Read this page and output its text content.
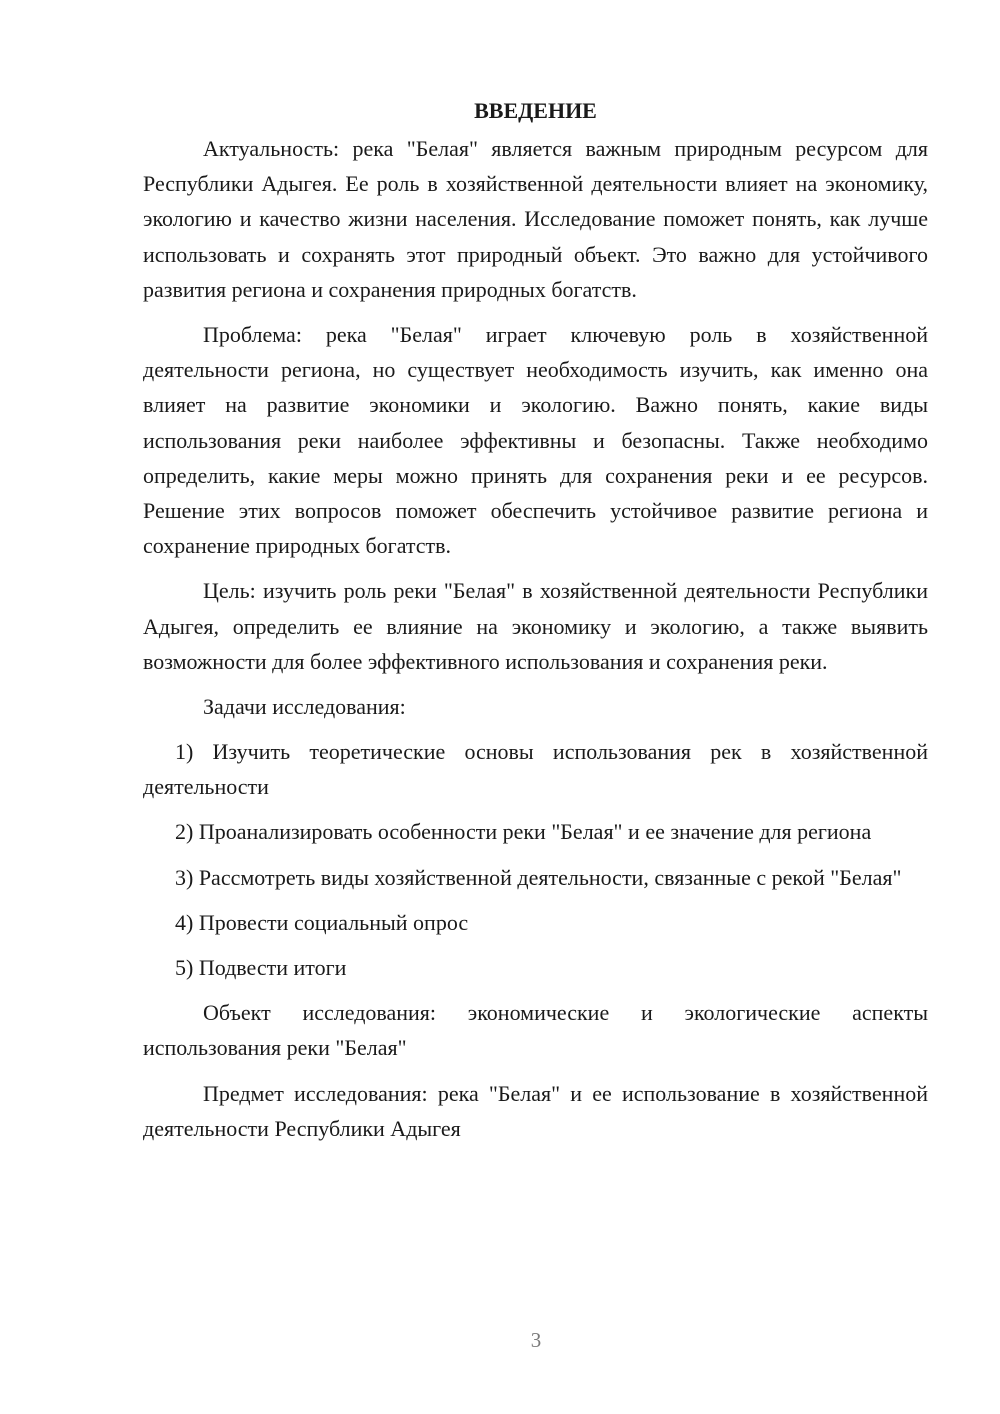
ВВЕДЕНИЕ

Актуальность: река "Белая" является важным природным ресурсом для Республики Адыгея. Ее роль в хозяйственной деятельности влияет на экономику, экологию и качество жизни населения. Исследование поможет понять, как лучше использовать и сохранять этот природный объект. Это важно для устойчивого развития региона и сохранения природных богатств.

Проблема: река "Белая" играет ключевую роль в хозяйственной деятельности региона, но существует необходимость изучить, как именно она влияет на развитие экономики и экологию. Важно понять, какие виды использования реки наиболее эффективны и безопасны. Также необходимо определить, какие меры можно принять для сохранения реки и ее ресурсов. Решение этих вопросов поможет обеспечить устойчивое развитие региона и сохранение природных богатств.

Цель: изучить роль реки "Белая" в хозяйственной деятельности Республики Адыгея, определить ее влияние на экономику и экологию, а также выявить возможности для более эффективного использования и сохранения реки.

Задачи исследования:

1) Изучить теоретические основы использования рек в хозяйственной деятельности

2) Проанализировать особенности реки "Белая" и ее значение для региона

3) Рассмотреть виды хозяйственной деятельности, связанные с рекой "Белая"

4) Провести социальный опрос

5) Подвести итоги

Объект исследования: экономические и экологические аспекты использования реки "Белая"

Предмет исследования: река "Белая" и ее использование в хозяйственной деятельности Республики Адыгея

3
